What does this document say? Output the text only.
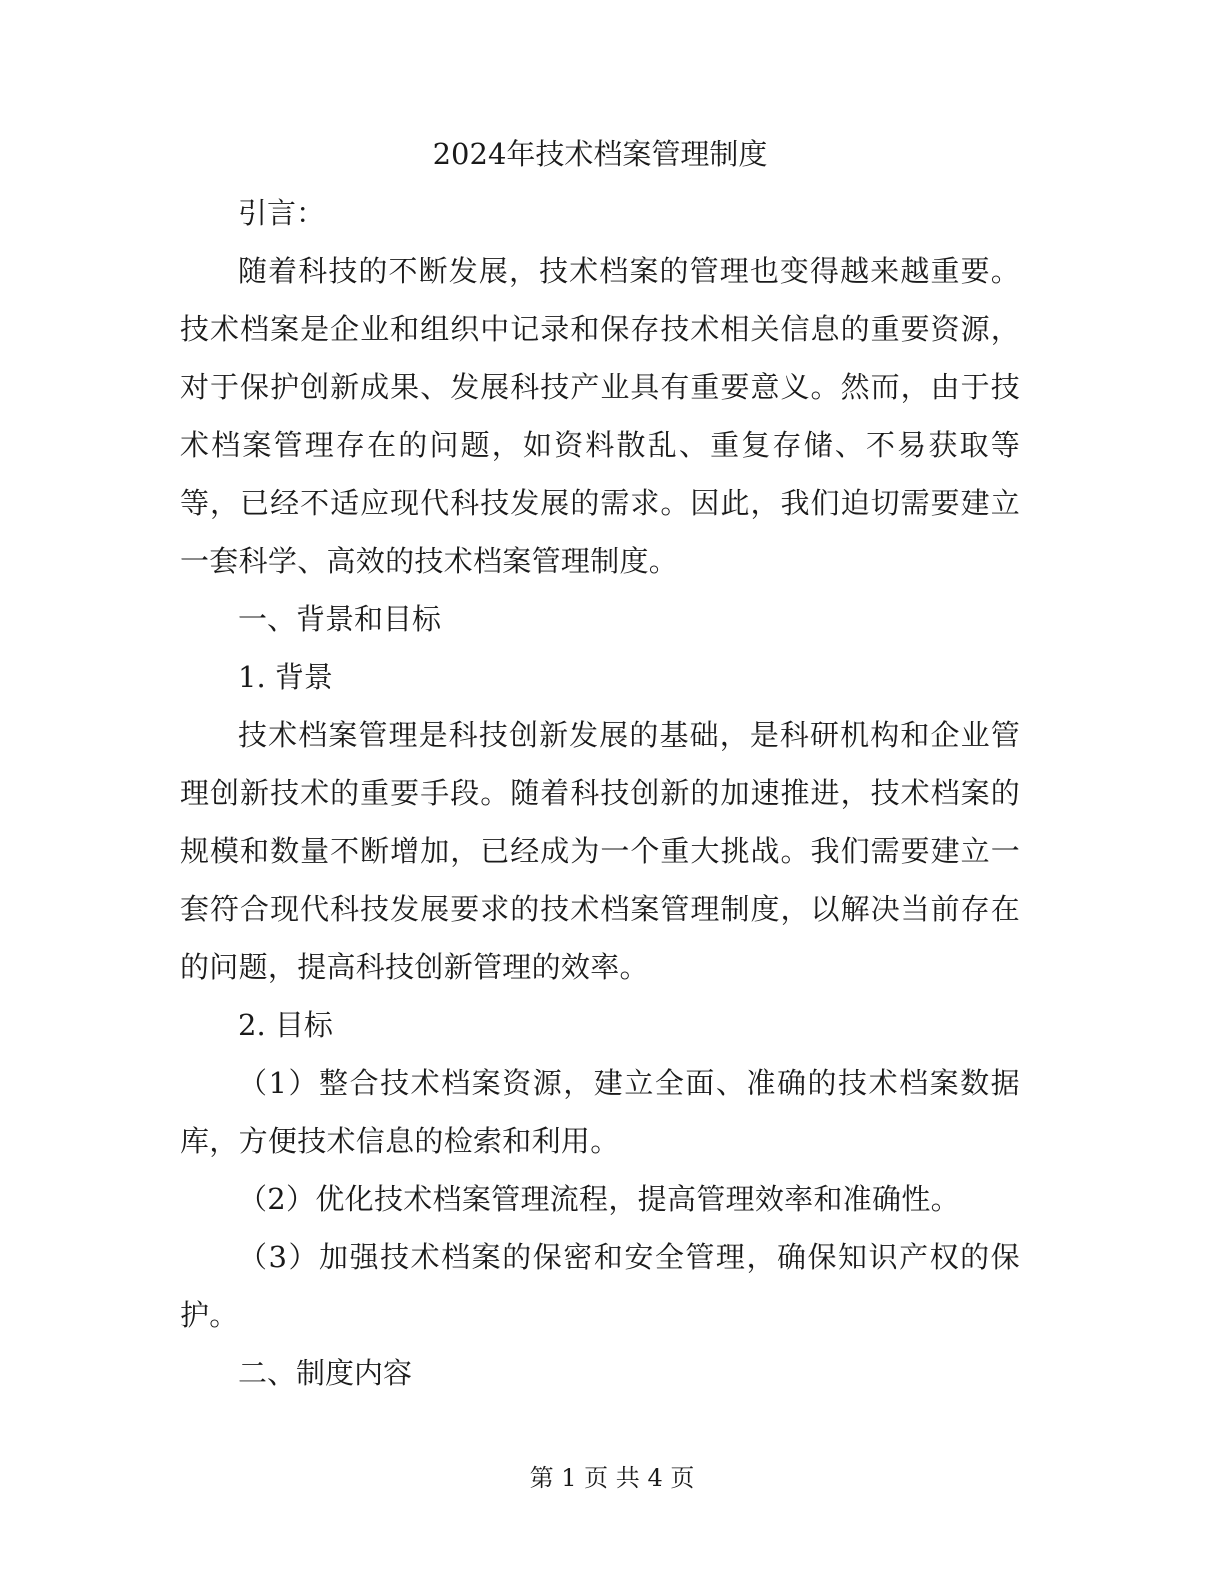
2024年技术档案管理制度

引言：

随着科技的不断发展，技术档案的管理也变得越来越重要。技术档案是企业和组织中记录和保存技术相关信息的重要资源，对于保护创新成果、发展科技产业具有重要意义。然而，由于技术档案管理存在的问题，如资料散乱、重复存储、不易获取等等，已经不适应现代科技发展的需求。因此，我们迫切需要建立一套科学、高效的技术档案管理制度。

一、背景和目标

1. 背景

技术档案管理是科技创新发展的基础，是科研机构和企业管理创新技术的重要手段。随着科技创新的加速推进，技术档案的规模和数量不断增加，已经成为一个重大挑战。我们需要建立一套符合现代科技发展要求的技术档案管理制度，以解决当前存在的问题，提高科技创新管理的效率。

2. 目标

（1）整合技术档案资源，建立全面、准确的技术档案数据库，方便技术信息的检索和利用。

（2）优化技术档案管理流程，提高管理效率和准确性。

（3）加强技术档案的保密和安全管理，确保知识产权的保护。

二、制度内容

第 1 页 共 4 页
